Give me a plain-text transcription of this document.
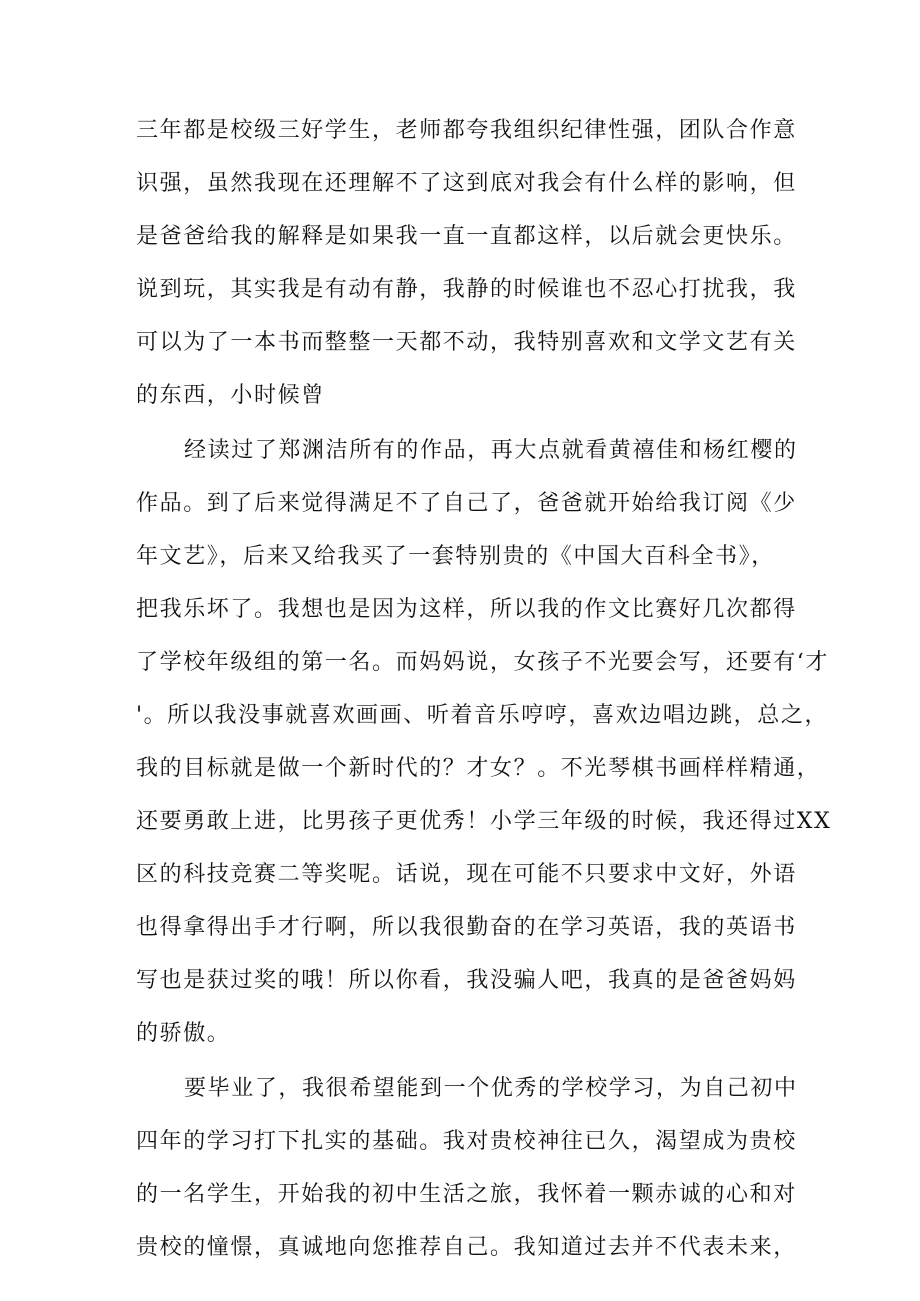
三年都是校级三好学生，老师都夸我组织纪律性强，团队合作意
识强，虽然我现在还理解不了这到底对我会有什么样的影响，但
是爸爸给我的解释是如果我一直一直都这样，以后就会更快乐。
说到玩，其实我是有动有静，我静的时候谁也不忍心打扰我，我
可以为了一本书而整整一天都不动，我特别喜欢和文学文艺有关
的东西，小时候曾
经读过了郑渊洁所有的作品，再大点就看黄禧佳和杨红樱的
作品。到了后来觉得满足不了自己了，爸爸就开始给我订阅《少
年文艺》，后来又给我买了一套特别贵的《中国大百科全书》，
把我乐坏了。我想也是因为这样，所以我的作文比赛好几次都得
了学校年级组的第一名。而妈妈说，女孩子不光要会写，还要有‘才
'。所以我没事就喜欢画画、听着音乐哼哼，喜欢边唱边跳，总之，
我的目标就是做一个新时代的？才女？。不光琴棋书画样样精通，
还要勇敢上进，比男孩子更优秀！小学三年级的时候，我还得过XX
区的科技竞赛二等奖呢。话说，现在可能不只要求中文好，外语
也得拿得出手才行啊，所以我很勤奋的在学习英语，我的英语书
写也是获过奖的哦！所以你看，我没骗人吧，我真的是爸爸妈妈
的骄傲。
要毕业了，我很希望能到一个优秀的学校学习，为自己初中
四年的学习打下扎实的基础。我对贵校神往已久，渴望成为贵校
的一名学生，开始我的初中生活之旅，我怀着一颗赤诚的心和对
贵校的憧憬，真诚地向您推荐自己。我知道过去并不代表未来，
